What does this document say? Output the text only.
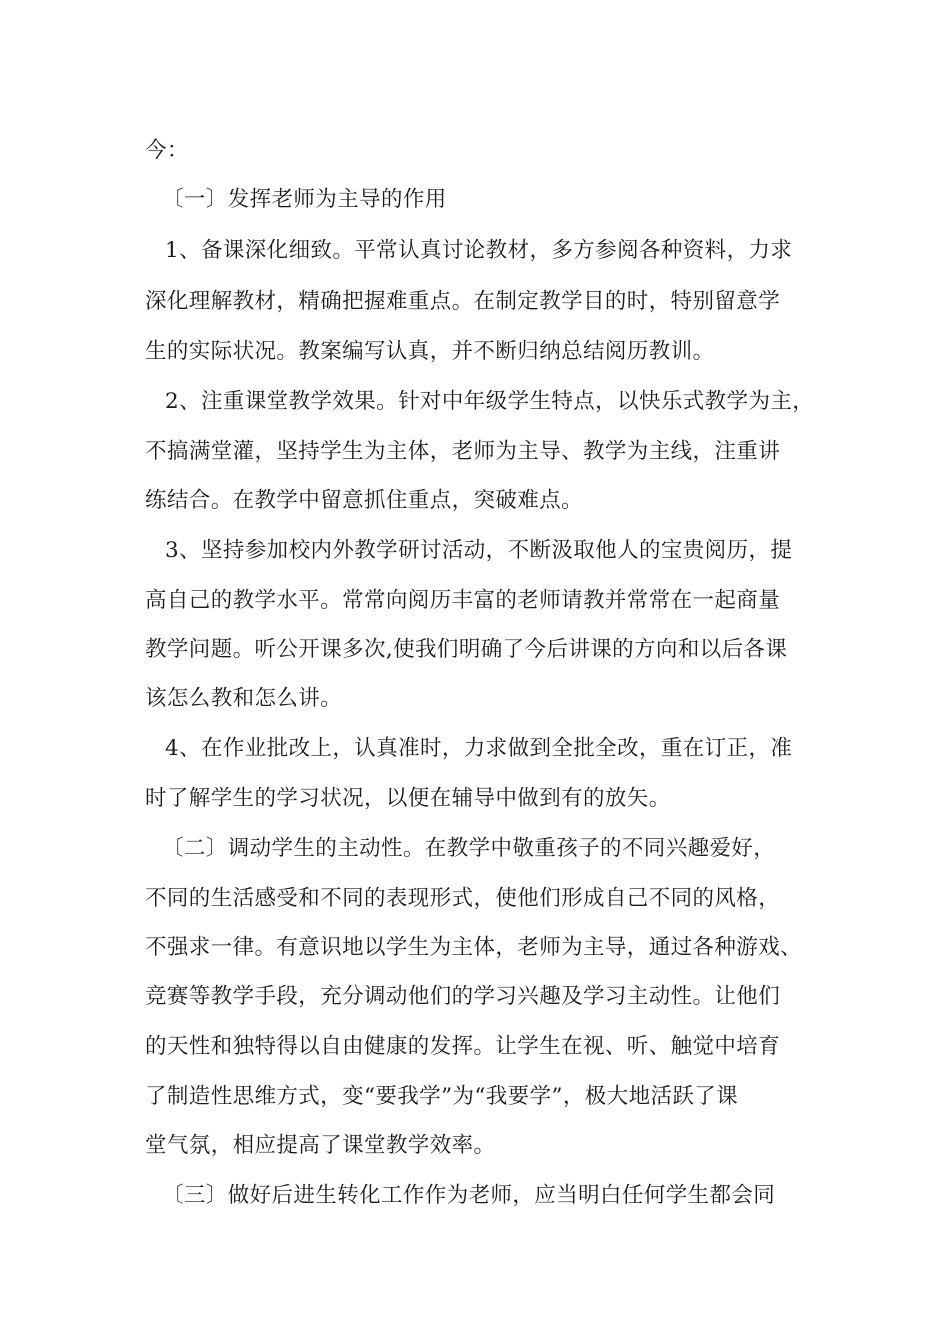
今：
〔一〕发挥老师为主导的作用
1、备课深化细致。平常认真讨论教材，多方参阅各种资料，力求
深化理解教材，精确把握难重点。在制定教学目的时，特别留意学
生的实际状况。教案编写认真，并不断归纳总结阅历教训。
2、注重课堂教学效果。针对中年级学生特点，以快乐式教学为主，
不搞满堂灌，坚持学生为主体，老师为主导、教学为主线，注重讲
练结合。在教学中留意抓住重点，突破难点。
3、坚持参加校内外教学研讨活动，不断汲取他人的宝贵阅历，提
高自己的教学水平。常常向阅历丰富的老师请教并常常在一起商量
教学问题。听公开课多次,使我们明确了今后讲课的方向和以后各课
该怎么教和怎么讲。
4、在作业批改上，认真准时，力求做到全批全改，重在订正，准
时了解学生的学习状况，以便在辅导中做到有的放矢。
〔二〕调动学生的主动性。在教学中敬重孩子的不同兴趣爱好，
不同的生活感受和不同的表现形式，使他们形成自己不同的风格，
不强求一律。有意识地以学生为主体，老师为主导，通过各种游戏、
竞赛等教学手段，充分调动他们的学习兴趣及学习主动性。让他们
的天性和独特得以自由健康的发挥。让学生在视、听、触觉中培育
了制造性思维方式，变“要我学”为“我要学”，极大地活跃了课
堂气氛，相应提高了课堂教学效率。
〔三〕做好后进生转化工作作为老师，应当明白任何学生都会同
